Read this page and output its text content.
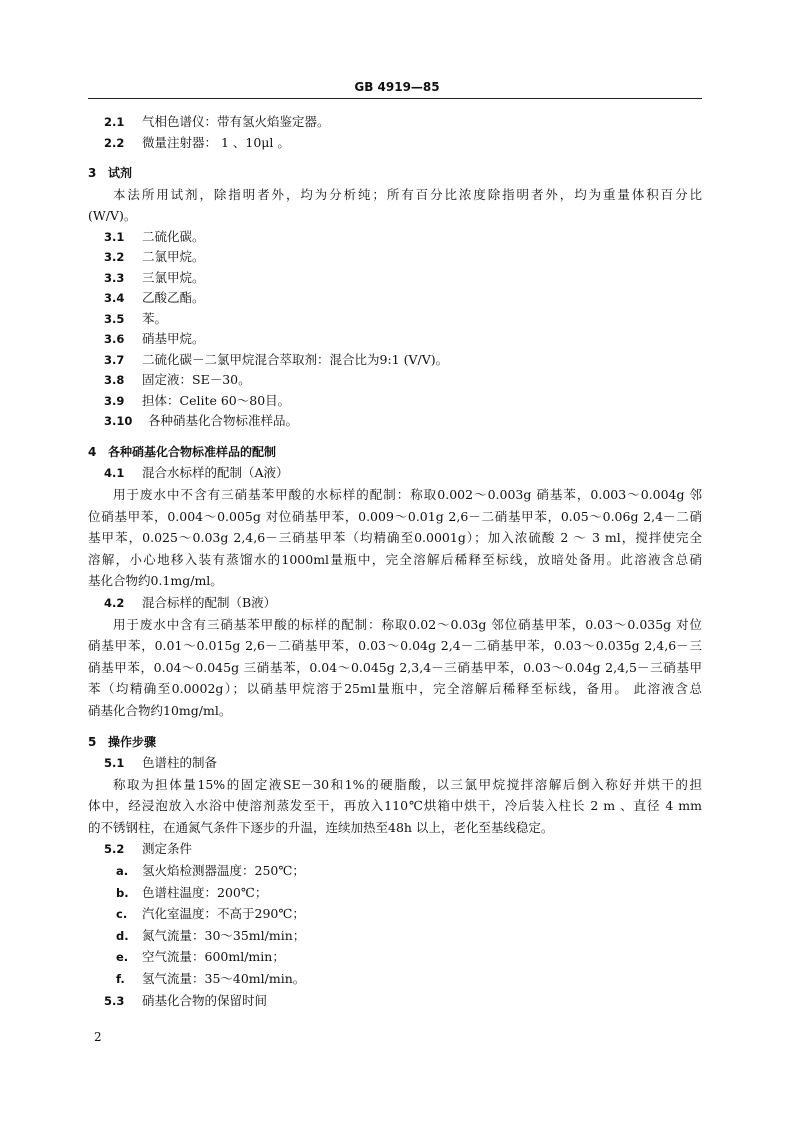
GB 4919—85
2.1 气相色谱仪：带有氢火焰鉴定器。
2.2 微量注射器： 1 、10μl 。
3 试剂
本法所用试剂，除指明者外，均为分析纯；所有百分比浓度除指明者外，均为重量体积百分比
(W/V)。
3.1 二硫化碳。
3.2 二氯甲烷。
3.3 三氯甲烷。
3.4 乙酸乙酯。
3.5 苯。
3.6 硝基甲烷。
3.7 二硫化碳－二氯甲烷混合萃取剂：混合比为9:1 (V/V)。
3.8 固定液：SE－30。
3.9 担体：Celite 60～80目。
3.10 各种硝基化合物标准样品。
4 各种硝基化合物标准样品的配制
4.1 混合水标样的配制（A液）
用于废水中不含有三硝基苯甲酸的水标样的配制：称取0.002～0.003g 硝基苯，0.003～0.004g 邻
位硝基甲苯，0.004～0.005g 对位硝基甲苯，0.009～0.01g 2,6－二硝基甲苯，0.05～0.06g 2,4－二硝
基甲苯，0.025～0.03g 2,4,6－三硝基甲苯（均精确至0.0001g）；加入浓硫酸 2 ～ 3 ml，搅拌使完全
溶解，小心地移入装有蒸馏水的1000ml量瓶中，完全溶解后稀释至标线，放暗处备用。此溶液含总硝
基化合物约0.1mg/ml。
4.2 混合标样的配制（B液）
用于废水中含有三硝基苯甲酸的标样的配制：称取0.02～0.03g 邻位硝基甲苯，0.03～0.035g 对位
硝基甲苯，0.01～0.015g 2,6－二硝基甲苯，0.03～0.04g 2,4－二硝基甲苯，0.03～0.035g 2,4,6－三
硝基甲苯，0.04～0.045g 三硝基苯，0.04～0.045g 2,3,4－三硝基甲苯，0.03～0.04g 2,4,5－三硝基甲
苯（均精确至0.0002g）；以硝基甲烷溶于25ml量瓶中，完全溶解后稀释至标线，备用。 此溶液含总
硝基化合物约10mg/ml。
5 操作步骤
5.1 色谱柱的制备
称取为担体量15%的固定液SE－30和1%的硬脂酸，以三氯甲烷搅拌溶解后倒入称好并烘干的担
体中，经浸泡放入水浴中使溶剂蒸发至干，再放入110℃烘箱中烘干，冷后装入柱长 2 m 、直径 4 mm
的不锈钢柱，在通氮气条件下逐步的升温，连续加热至48h 以上，老化至基线稳定。
5.2 测定条件
a. 氢火焰检测器温度：250℃；
b. 色谱柱温度：200℃；
c. 汽化室温度：不高于290℃；
d. 氮气流量：30～35ml/min；
e. 空气流量：600ml/min；
f. 氢气流量：35～40ml/min。
5.3 硝基化合物的保留时间
2
